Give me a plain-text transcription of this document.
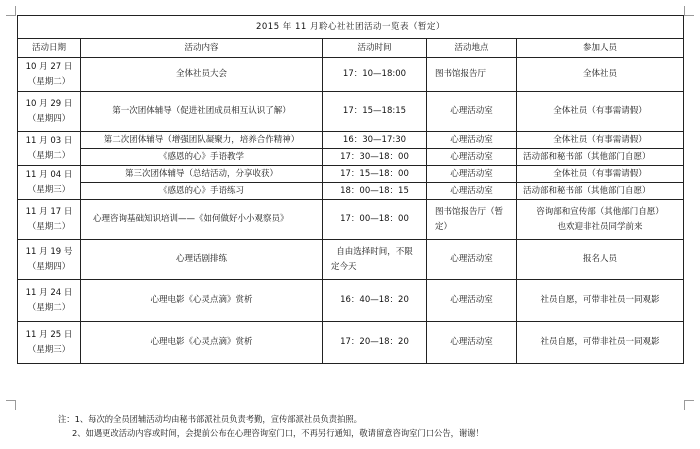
2015 年 11 月聆心社社团活动一览表（暂定）				
活动日期	活动内容	活动时间	活动地点	参加人员

10 月 27 日
（星期二）	全体社员大会	17：10—18:00	图书馆报告厅	全体社员

10 月 29 日
（星期四）	第一次团体辅导（促进社团成员相互认识了解）	17：15—18:15	心理活动室	全体社员（有事需请假）

11 月 03 日
（星期二）	第二次团体辅导（增强团队凝聚力，培养合作精神）	16：30—17:30	心理活动室	全体社员（有事需请假）
	《感恩的心》手语教学	17：30—18：00	心理活动室	活动部和秘书部（其他部门自愿）

11 月 04 日
（星期三）	第三次团体辅导（总结活动，分享收获）	17：15—18：00	心理活动室	全体社员（有事需请假）
	《感恩的心》手语练习	18：00—18：15	心理活动室	活动部和秘书部（其他部门自愿）

11 月 17 日
（星期二）	心理咨询基础知识培训——《如何做好小小观察员》	17：00—18：00	图书馆报告厅（暂定）	咨询部和宣传部（其他部门自愿）
也欢迎非社员同学前来

11 月 19 号
（星期四）	心理话剧排练	自由选择时间，不限
定今天	心理活动室	报名人员

11 月 24 日
（星期二）	心理电影《心灵点滴》赏析	16：40—18：20	心理活动室	社员自愿，可带非社员一同观影

11 月 25 日
（星期三）	心理电影《心灵点滴》赏析	17：20—18：20	心理活动室	社员自愿，可带非社员一同观影
注：1、每次的全员团辅活动均由秘书部派社员负责考勤，宣传部派社员负责拍照。
2、如遇更改活动内容或时间，会提前公布在心理咨询室门口，不再另行通知，敬请留意咨询室门口公告，谢谢！
